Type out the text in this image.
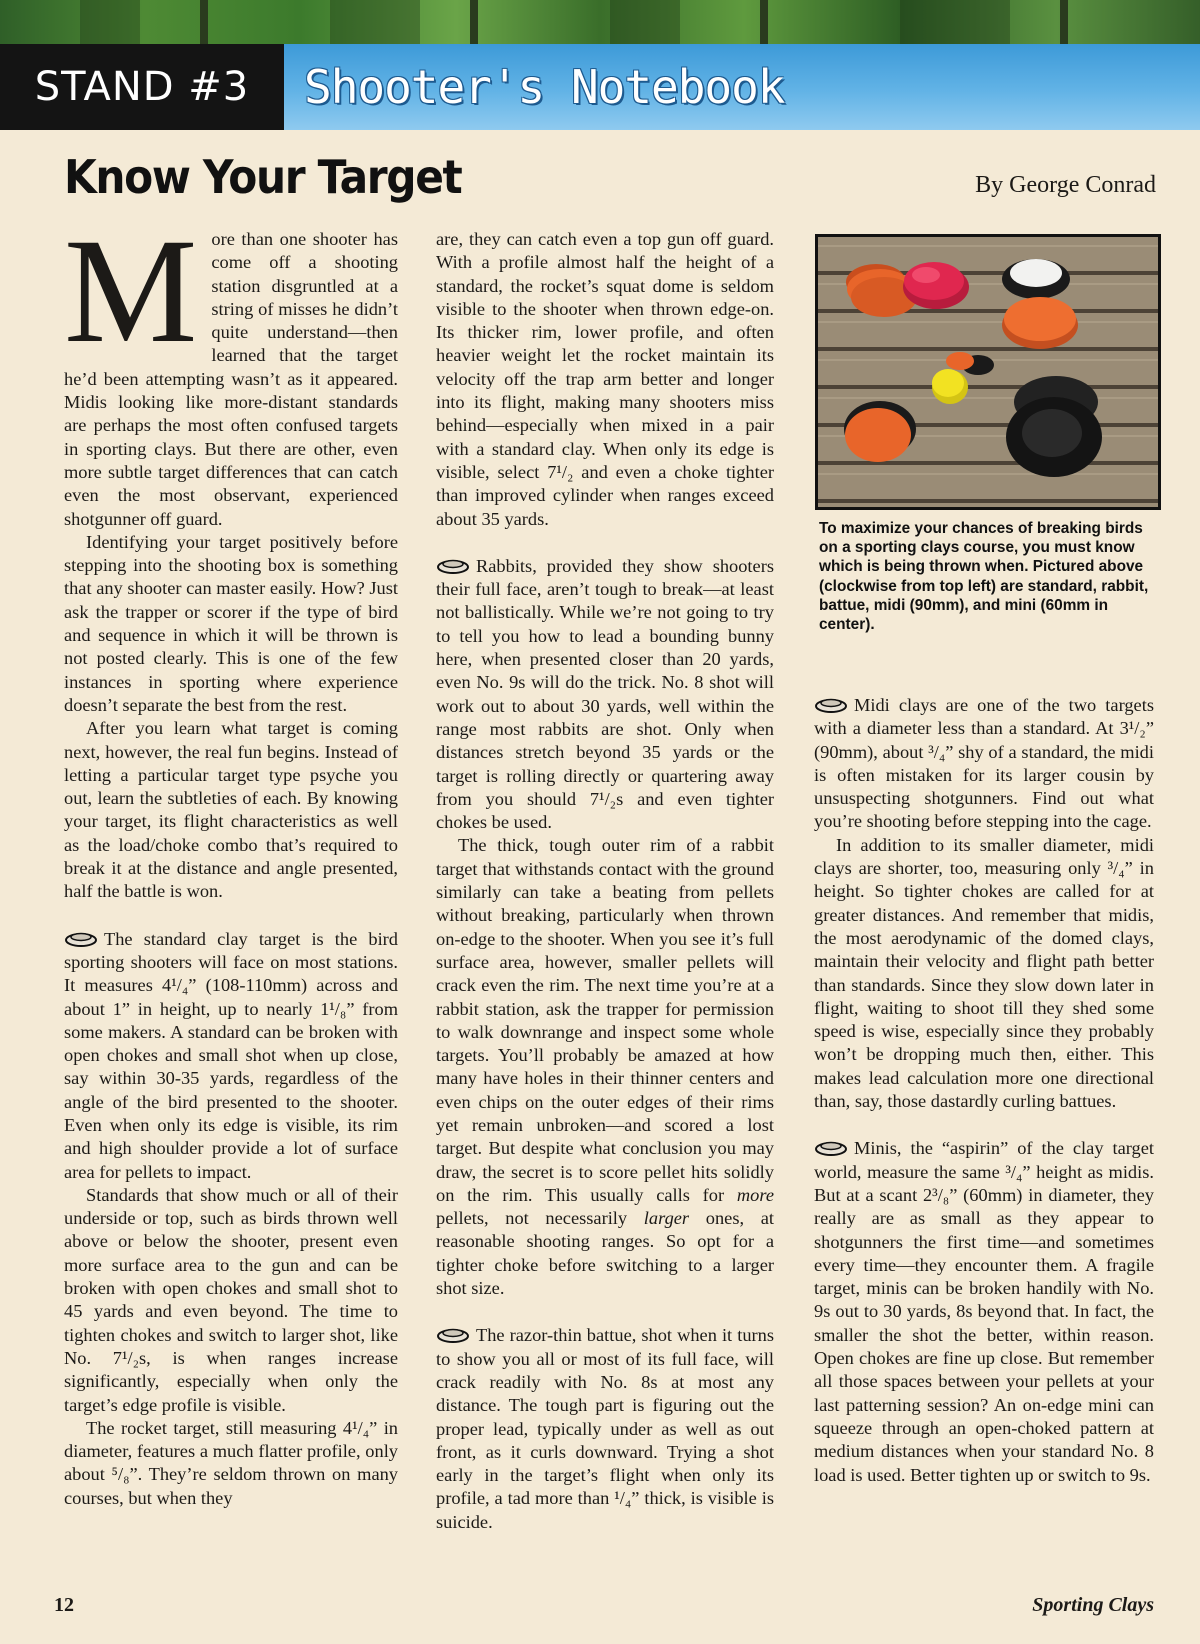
STAND #3 Shooter's Notebook
Know Your Target	By George Conrad

More than one shooter has come off a shooting station disgruntled at a string of misses he didn’t quite understand—then learned that the target he’d been attempting wasn’t as it appeared. Midis looking like more-distant standards are perhaps the most often confused targets in sporting clays. But there are other, even more subtle target differences that can catch even the most observant, experienced shotgunner off guard.

Identifying your target positively before stepping into the shooting box is something that any shooter can master easily. How? Just ask the trapper or scorer if the type of bird and sequence in which it will be thrown is not posted clearly. This is one of the few instances in sporting where experience doesn’t separate the best from the rest.

After you learn what target is coming next, however, the real fun begins. Instead of letting a particular target type psyche you out, learn the subtleties of each. By knowing your target, its flight characteristics as well as the load/choke combo that’s required to break it at the distance and angle presented, half the battle is won.

The standard clay target is the bird sporting shooters will face on most stations. It measures 4¹/₄” (108-110mm) across and about 1” in height, up to nearly 1¹/₈” from some makers. A standard can be broken with open chokes and small shot when up close, say within 30-35 yards, regardless of the angle of the bird presented to the shooter. Even when only its edge is visible, its rim and high shoulder provide a lot of surface area for pellets to impact.

Standards that show much or all of their underside or top, such as birds thrown well above or below the shooter, present even more surface area to the gun and can be broken with open chokes and small shot to 45 yards and even beyond. The time to tighten chokes and switch to larger shot, like No. 7¹/₂s, is when ranges increase significantly, especially when only the target’s edge profile is visible.

The rocket target, still measuring 4¹/₄” in diameter, features a much flatter profile, only about ⁵/₈”. They’re seldom thrown on many courses, but when they

are, they can catch even a top gun off guard. With a profile almost half the height of a standard, the rocket’s squat dome is seldom visible to the shooter when thrown edge-on. Its thicker rim, lower profile, and often heavier weight let the rocket maintain its velocity off the trap arm better and longer into its flight, making many shooters miss behind—especially when mixed in a pair with a standard clay. When only its edge is visible, select 7¹/₂ and even a choke tighter than improved cylinder when ranges exceed about 35 yards.

Rabbits, provided they show shooters their full face, aren’t tough to break—at least not ballistically. While we’re not going to try to tell you how to lead a bounding bunny here, when presented closer than 20 yards, even No. 9s will do the trick. No. 8 shot will work out to about 30 yards, well within the range most rabbits are shot. Only when distances stretch beyond 35 yards or the target is rolling directly or quartering away from you should 7¹/₂s and even tighter chokes be used.

The thick, tough outer rim of a rabbit target that withstands contact with the ground similarly can take a beating from pellets without breaking, particularly when thrown on-edge to the shooter. When you see it’s full surface area, however, smaller pellets will crack even the rim. The next time you’re at a rabbit station, ask the trapper for permission to walk downrange and inspect some whole targets. You’ll probably be amazed at how many have holes in their thinner centers and even chips on the outer edges of their rims yet remain unbroken—and scored a lost target. But despite what conclusion you may draw, the secret is to score pellet hits solidly on the rim. This usually calls for more pellets, not necessarily larger ones, at reasonable shooting ranges. So opt for a tighter choke before switching to a larger shot size.

The razor-thin battue, shot when it turns to show you all or most of its full face, will crack readily with No. 8s at most any distance. The tough part is figuring out the proper lead, typically under as well as out front, as it curls downward. Trying a shot early in the target’s flight when only its profile, a tad more than ¹/₄” thick, is visible is suicide.

To maximize your chances of breaking birds on a sporting clays course, you must know which is being thrown when. Pictured above (clockwise from top left) are standard, rabbit, battue, midi (90mm), and mini (60mm in center).

Midi clays are one of the two targets with a diameter less than a standard. At 3¹/₂” (90mm), about ³/₄” shy of a standard, the midi is often mistaken for its larger cousin by unsuspecting shotgunners. Find out what you’re shooting before stepping into the cage.

In addition to its smaller diameter, midi clays are shorter, too, measuring only ³/₄” in height. So tighter chokes are called for at greater distances. And remember that midis, the most aerodynamic of the domed clays, maintain their velocity and flight path better than standards. Since they slow down later in flight, waiting to shoot till they shed some speed is wise, especially since they probably won’t be dropping much then, either. This makes lead calculation more one directional than, say, those dastardly curling battues.

Minis, the “aspirin” of the clay target world, measure the same ³/₄” height as midis. But at a scant 2³/₈” (60mm) in diameter, they really are as small as they appear to shotgunners the first time—and sometimes every time—they encounter them. A fragile target, minis can be broken handily with No. 9s out to 30 yards, 8s beyond that. In fact, the smaller the shot the better, within reason. Open chokes are fine up close. But remember all those spaces between your pellets at your last patterning session? An on-edge mini can squeeze through an open-choked pattern at medium distances when your standard No. 8 load is used. Better tighten up or switch to 9s.

12	Sporting Clays
